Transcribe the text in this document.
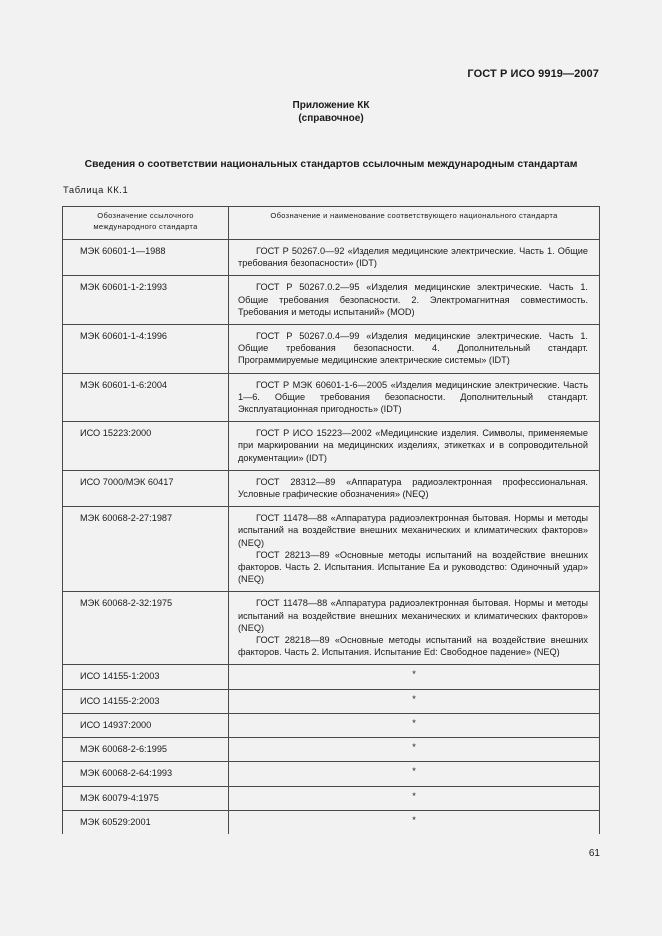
ГОСТ Р ИСО 9919—2007
Приложение КК
(справочное)
Сведения о соответствии национальных стандартов ссылочным международным стандартам
Таблица КК.1
Обозначение ссылочного международного стандарта	Обозначение и наименование соответствующего национального стандарта
МЭК 60601-1—1988	ГОСТ Р 50267.0—92 «Изделия медицинские электрические. Часть 1. Общие требования безопасности» (IDT)

МЭК 60601-1-2:1993	ГОСТ Р 50267.0.2—95 «Изделия медицинские электрические. Часть 1. Общие требования безопасности. 2. Электромагнитная совместимость. Требования и методы испытаний» (MOD)

МЭК 60601-1-4:1996	ГОСТ Р 50267.0.4—99 «Изделия медицинские электрические. Часть 1. Общие требования безопасности. 4. Дополнительный стандарт. Программируемые медицинские электрические системы» (IDT)

МЭК 60601-1-6:2004	ГОСТ Р МЭК 60601-1-6—2005 «Изделия медицинские электрические. Часть 1—6. Общие требования безопасности. Дополнительный стандарт. Эксплуатационная пригодность» (IDT)

ИСО 15223:2000	ГОСТ Р ИСО 15223—2002 «Медицинские изделия. Символы, применяемые при маркировании на медицинских изделиях, этикетках и в сопроводительной документации» (IDT)

ИСО 7000/МЭК 60417	ГОСТ 28312—89 «Аппаратура радиоэлектронная профессиональная. Условные графические обозначения» (NEQ)

МЭК 60068-2-27:1987	ГОСТ 11478—88 «Аппаратура радиоэлектронная бытовая. Нормы и методы испытаний на воздействие внешних механических и климатических факторов» (NEQ)
ГОСТ 28213—89 «Основные методы испытаний на воздействие внешних факторов. Часть 2. Испытания. Испытание Ea и руководство: Одиночный удар» (NEQ)

МЭК 60068-2-32:1975	ГОСТ 11478—88 «Аппаратура радиоэлектронная бытовая. Нормы и методы испытаний на воздействие внешних механических и климатических факторов» (NEQ)
ГОСТ 28218—89 «Основные методы испытаний на воздействие внешних факторов. Часть 2. Испытания. Испытание Ed: Свободное падение» (NEQ)

ИСО 14155-1:2003	*
ИСО 14155-2:2003	*
ИСО 14937:2000	*
МЭК 60068-2-6:1995	*
МЭК 60068-2-64:1993	*
МЭК 60079-4:1975	*
МЭК 60529:2001	*
61
